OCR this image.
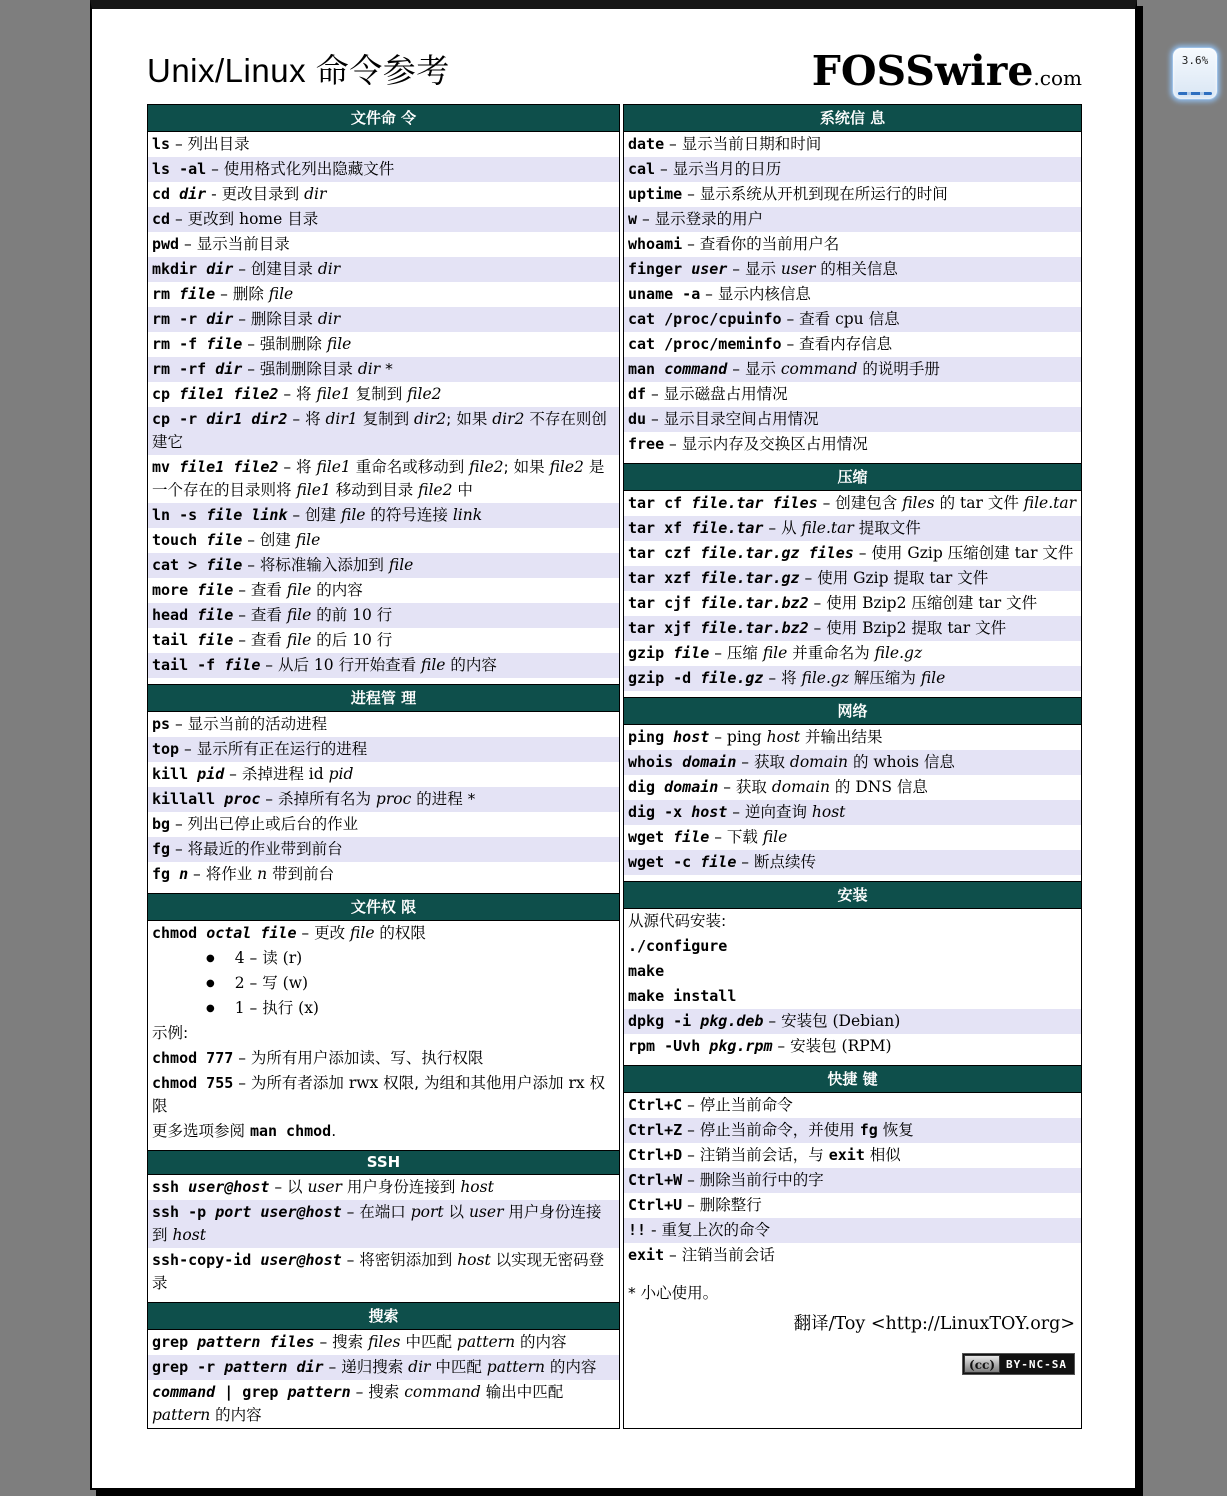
Unix/Linux 命令参考	FOSSwire.com
文件命 令
ls – 列出目录
ls -al – 使用格式化列出隐藏文件
cd dir - 更改目录到 dir
cd – 更改到 home 目录
pwd – 显示当前目录
mkdir dir – 创建目录 dir
rm file – 删除 file
rm -r dir – 删除目录 dir
rm -f file – 强制删除 file
rm -rf dir – 强制删除目录 dir *
cp file1 file2 – 将 file1 复制到 file2
cp -r dir1 dir2 – 将 dir1 复制到 dir2; 如果 dir2 不存在则创建它
mv file1 file2 – 将 file1 重命名或移动到 file2; 如果 file2 是一个存在的目录则将 file1 移动到目录 file2 中
ln -s file link – 创建 file 的符号连接 link
touch file – 创建 file
cat > file – 将标准输入添加到 file
more file – 查看 file 的内容
head file – 查看 file 的前 10 行
tail file – 查看 file 的后 10 行
tail -f file – 从后 10 行开始查看 file 的内容
进程管 理
ps – 显示当前的活动进程
top – 显示所有正在运行的进程
kill pid – 杀掉进程 id pid
killall proc – 杀掉所有名为 proc 的进程 *
bg – 列出已停止或后台的作业
fg – 将最近的作业带到前台
fg n – 将作业 n 带到前台
文件权 限
chmod octal file – 更改 file 的权限
● 4 – 读 (r)
● 2 – 写 (w)
● 1 – 执行 (x)
示例:
chmod 777 – 为所有用户添加读、写、执行权限
chmod 755 – 为所有者添加 rwx 权限, 为组和其他用户添加 rx 权限
更多选项参阅 man chmod.
SSH
ssh user@host – 以 user 用户身份连接到 host
ssh -p port user@host – 在端口 port 以 user 用户身份连接到 host
ssh-copy-id user@host – 将密钥添加到 host 以实现无密码登录
搜索
grep pattern files – 搜索 files 中匹配 pattern 的内容
grep -r pattern dir – 递归搜索 dir 中匹配 pattern 的内容
command | grep pattern – 搜索 command 输出中匹配 pattern 的内容
系统信 息
date – 显示当前日期和时间
cal – 显示当月的日历
uptime – 显示系统从开机到现在所运行的时间
w – 显示登录的用户
whoami – 查看你的当前用户名
finger user – 显示 user 的相关信息
uname -a – 显示内核信息
cat /proc/cpuinfo – 查看 cpu 信息
cat /proc/meminfo – 查看内存信息
man command – 显示 command 的说明手册
df – 显示磁盘占用情况
du – 显示目录空间占用情况
free – 显示内存及交换区占用情况
压缩
tar cf file.tar files – 创建包含 files 的 tar 文件 file.tar
tar xf file.tar – 从 file.tar 提取文件
tar czf file.tar.gz files – 使用 Gzip 压缩创建 tar 文件
tar xzf file.tar.gz – 使用 Gzip 提取 tar 文件
tar cjf file.tar.bz2 – 使用 Bzip2 压缩创建 tar 文件
tar xjf file.tar.bz2 – 使用 Bzip2 提取 tar 文件
gzip file – 压缩 file 并重命名为 file.gz
gzip -d file.gz – 将 file.gz 解压缩为 file
网络
ping host – ping host 并输出结果
whois domain – 获取 domain 的 whois 信息
dig domain – 获取 domain 的 DNS 信息
dig -x host – 逆向查询 host
wget file – 下载 file
wget -c file – 断点续传
安装
从源代码安装:
./configure
make
make install
dpkg -i pkg.deb – 安装包 (Debian)
rpm -Uvh pkg.rpm – 安装包 (RPM)
快捷 键
Ctrl+C – 停止当前命令
Ctrl+Z – 停止当前命令，并使用 fg 恢复
Ctrl+D – 注销当前会话，与 exit 相似
Ctrl+W – 删除当前行中的字
Ctrl+U – 删除整行
!! - 重复上次的命令
exit – 注销当前会话
* 小心使用。
翻译/Toy <http://LinuxTOY.org>
(cc)	BY-NC-SA
3.6%
